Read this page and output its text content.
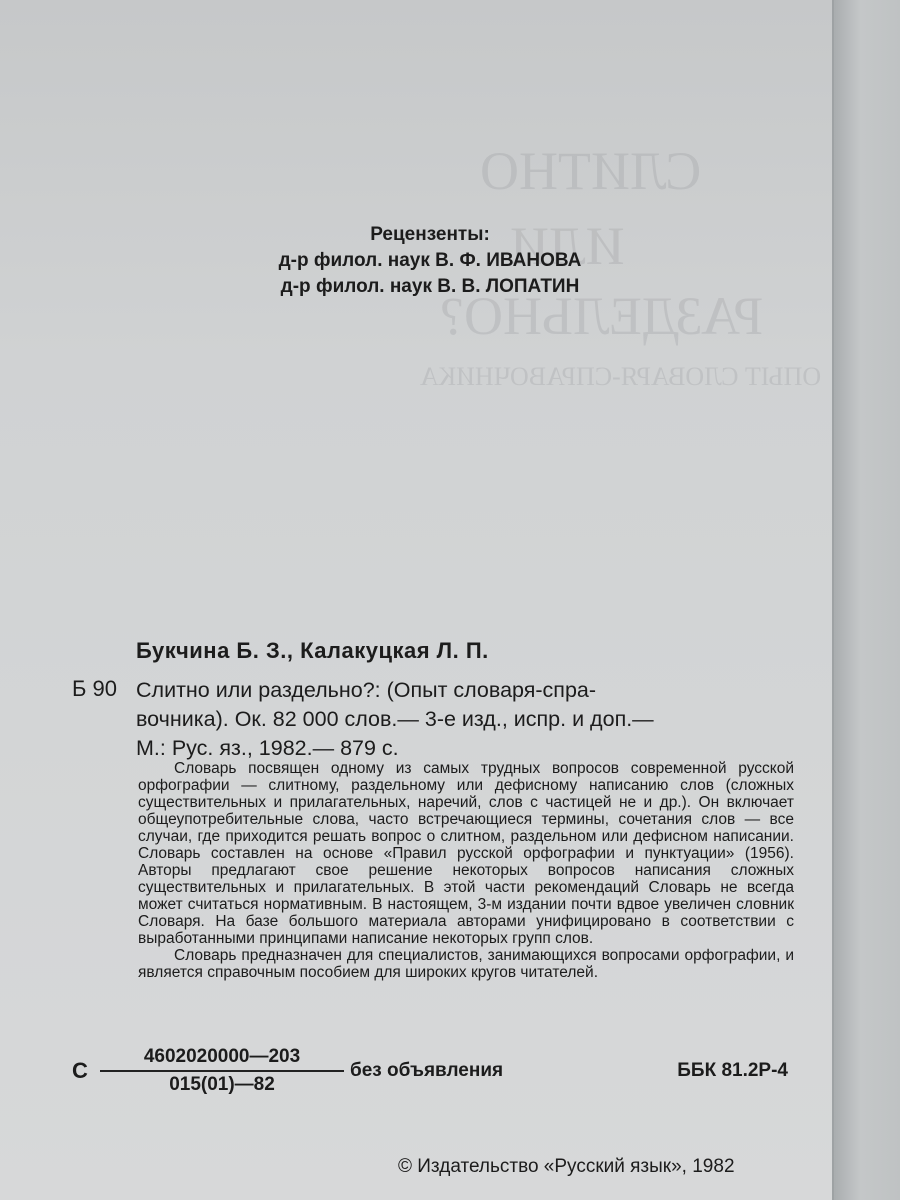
СЛИТНО
ИЛИ
РАЗДЕЛЬНО?
ОПЫТ СЛОВАРЯ-СПРАВОЧНИКА
Рецензенты:
д-р филол. наук В. Ф. ИВАНОВА
д-р филол. наук В. В. ЛОПАТИН
Букчина Б. З., Калакуцкая Л. П.
Б 90 Слитно или раздельно?: (Опыт словаря-спра-
вочника). Ок. 82 000 слов.— 3-е изд., испр. и доп.—
М.: Рус. яз., 1982.— 879 с.

Словарь посвящен одному из самых трудных вопросов современной русской орфографии — слитному, раздельному или дефисному написанию слов (сложных существительных и прилагательных, наречий, слов с частицей не и др.). Он включает общеупотребительные слова, часто встречающиеся термины, сочетания слов — все случаи, где приходится решать вопрос о слитном, раздельном или дефисном написании. Словарь составлен на основе «Правил русской орфографии и пунктуации» (1956). Авторы предлагают свое решение некоторых вопросов написания сложных существительных и прилагательных. В этой части рекомендаций Словарь не всегда может считаться нормативным. В настоящем, 3-м издании почти вдвое увеличен словник Словаря. На базе большого материала авторами унифицировано в соответствии с выработанными принципами написание некоторых групп слов.

Словарь предназначен для специалистов, занимающихся вопросами орфографии, и является справочным пособием для широких кругов читателей.

С $\frac{4602020000—203}{015(01)—82}$ без объявления	ББК 81.2Р-4
© Издательство «Русский язык», 1982
